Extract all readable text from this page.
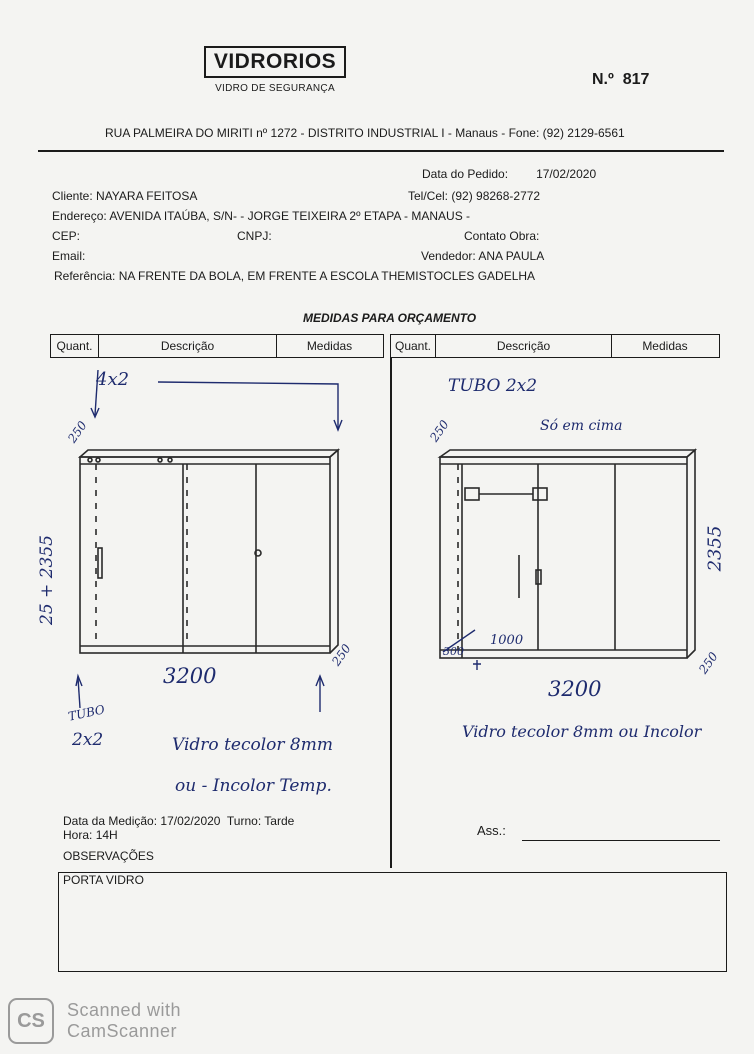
VIDRORIOS
VIDRO DE SEGURANÇA
N.º 817
RUA PALMEIRA DO MIRITI nº 1272 - DISTRITO INDUSTRIAL I - Manaus - Fone: (92) 2129-6561
Data do Pedido: 17/02/2020
Cliente: NAYARA FEITOSA	Tel/Cel: (92) 98268-2772
Endereço: AVENIDA ITAÚBA, S/N- - JORGE TEIXEIRA 2º ETAPA - MANAUS -
CEP:	CNPJ:	Contato Obra:
Email:	Vendedor: ANA PAULA
Referência: NA FRENTE DA BOLA, EM FRENTE A ESCOLA THEMISTOCLES GADELHA
MEDIDAS PARA ORÇAMENTO
Quant.	Descrição	Medidas	Quant.	Descrição	Medidas
4x2
250
25 + 2355
250
3200
TUBO
2x2	Vidro tecolor 8mm
ou - Incolor Temp.
TUBO 2x2
Só em cima
250
2355
300
1000
250
3200
Vidro tecolor 8mm ou Incolor
Data da Medição: 17/02/2020 Turno: Tarde
Hora: 14H	Ass.:
OBSERVAÇÕES
PORTA VIDRO
CS	Scanned with
CamScanner
